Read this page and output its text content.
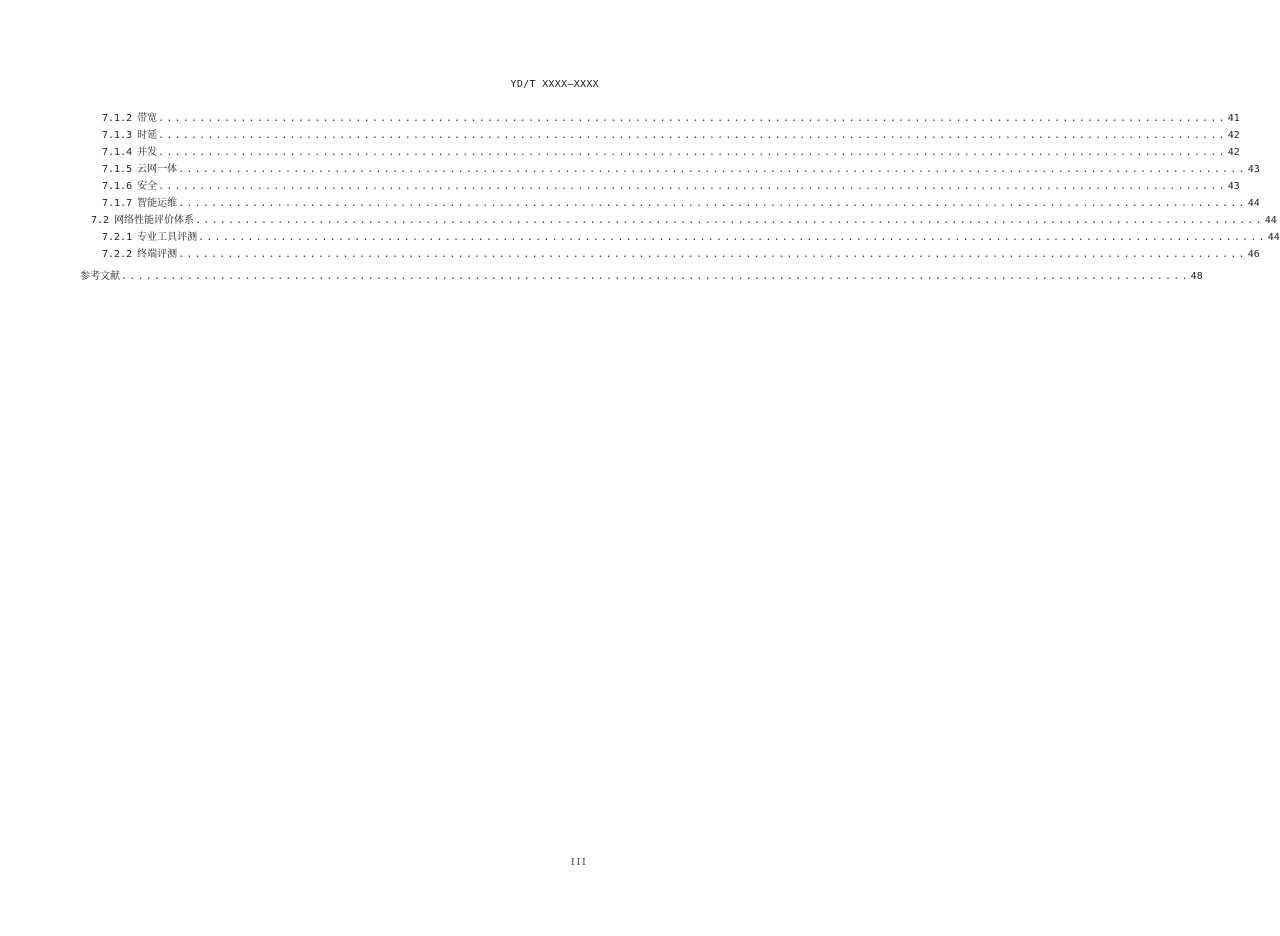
YD/T XXXX—XXXX
7.1.2 带宽 .................................................................................................................................. 41
7.1.3 时延 .................................................................................................................................. 42
7.1.4 并发 .................................................................................................................................. 42
7.1.5 云网一体 .................................................................................................................................. 43
7.1.6 安全 .................................................................................................................................. 43
7.1.7 智能运维 .................................................................................................................................. 44
7.2 网络性能评价体系 .................................................................................................................................. 44
7.2.1 专业工具评测 .................................................................................................................................. 44
7.2.2 终端评测 .................................................................................................................................. 46
参考文献 .................................................................................................................................. 48
III
